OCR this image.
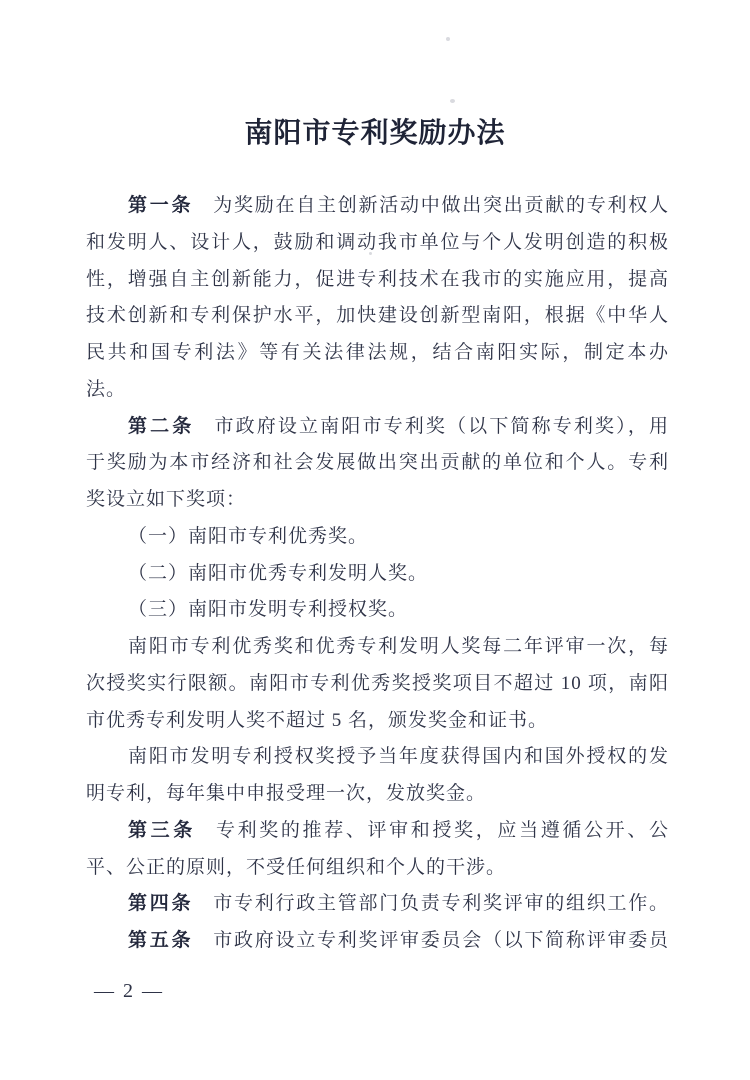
南阳市专利奖励办法
第一条 为奖励在自主创新活动中做出突出贡献的专利权人
和发明人、设计人，鼓励和调动我市单位与个人发明创造的积极
性，增强自主创新能力，促进专利技术在我市的实施应用，提高
技术创新和专利保护水平，加快建设创新型南阳，根据《中华人
民共和国专利法》等有关法律法规，结合南阳实际，制定本办
法。
第二条 市政府设立南阳市专利奖（以下简称专利奖），用
于奖励为本市经济和社会发展做出突出贡献的单位和个人。专利
奖设立如下奖项：
（一）南阳市专利优秀奖。
（二）南阳市优秀专利发明人奖。
（三）南阳市发明专利授权奖。
南阳市专利优秀奖和优秀专利发明人奖每二年评审一次，每
次授奖实行限额。南阳市专利优秀奖授奖项目不超过 10 项，南阳
市优秀专利发明人奖不超过 5 名，颁发奖金和证书。
南阳市发明专利授权奖授予当年度获得国内和国外授权的发
明专利，每年集中申报受理一次，发放奖金。
第三条 专利奖的推荐、评审和授奖，应当遵循公开、公
平、公正的原则，不受任何组织和个人的干涉。
第四条 市专利行政主管部门负责专利奖评审的组织工作。
第五条 市政府设立专利奖评审委员会（以下简称评审委员
— 2 —
